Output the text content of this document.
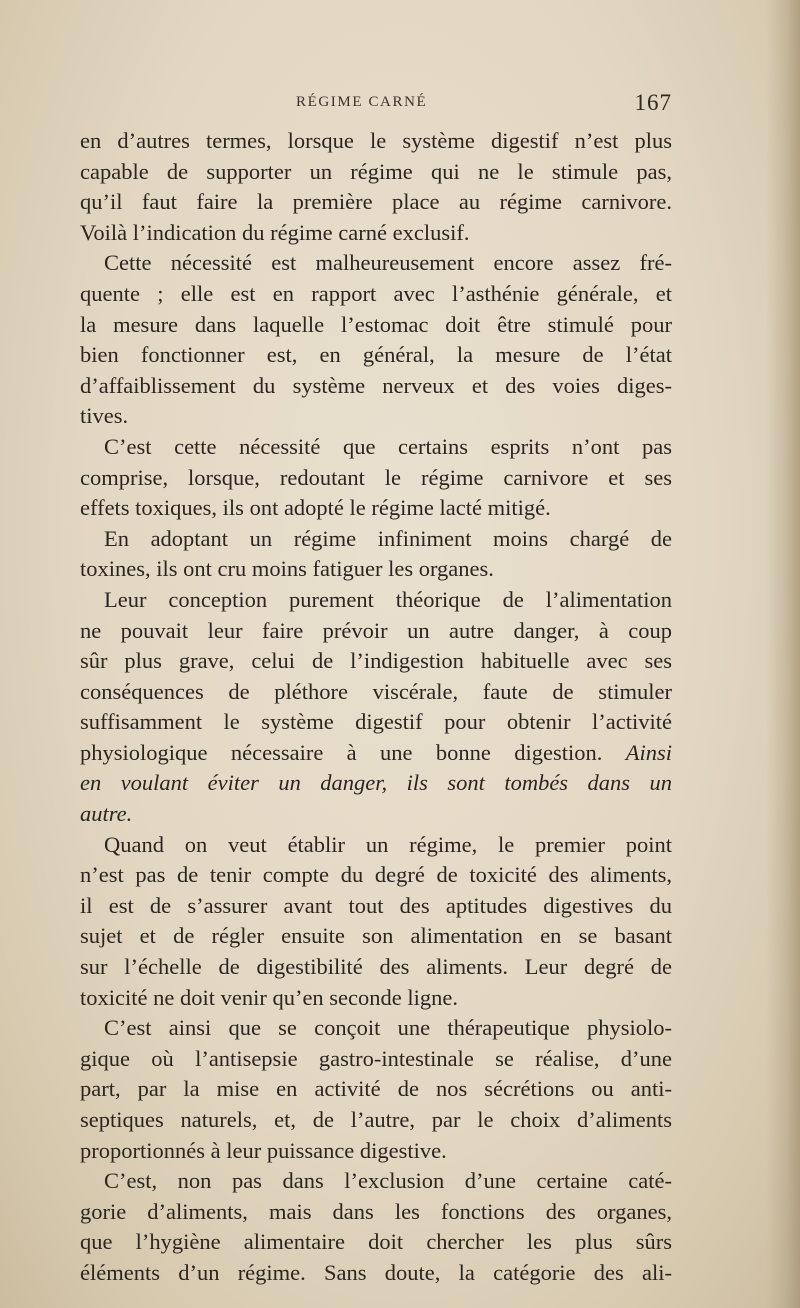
RÉGIME CARNÉ	167
en d’autres termes, lorsque le système digestif n’est plus
capable de supporter un régime qui ne le stimule pas,
qu’il faut faire la première place au régime carnivore.
Voilà l’indication du régime carné exclusif.
Cette nécessité est malheureusement encore assez fré-
quente ; elle est en rapport avec l’asthénie générale, et
la mesure dans laquelle l’estomac doit être stimulé pour
bien fonctionner est, en général, la mesure de l’état
d’affaiblissement du système nerveux et des voies diges-
tives.
C’est cette nécessité que certains esprits n’ont pas
comprise, lorsque, redoutant le régime carnivore et ses
effets toxiques, ils ont adopté le régime lacté mitigé.
En adoptant un régime infiniment moins chargé de
toxines, ils ont cru moins fatiguer les organes.
Leur conception purement théorique de l’alimentation
ne pouvait leur faire prévoir un autre danger, à coup
sûr plus grave, celui de l’indigestion habituelle avec ses
conséquences de pléthore viscérale, faute de stimuler
suffisamment le système digestif pour obtenir l’activité
physiologique nécessaire à une bonne digestion. Ainsi
en voulant éviter un danger, ils sont tombés dans un
autre.
Quand on veut établir un régime, le premier point
n’est pas de tenir compte du degré de toxicité des aliments,
il est de s’assurer avant tout des aptitudes digestives du
sujet et de régler ensuite son alimentation en se basant
sur l’échelle de digestibilité des aliments. Leur degré de
toxicité ne doit venir qu’en seconde ligne.
C’est ainsi que se conçoit une thérapeutique physiolo-
gique où l’antisepsie gastro-intestinale se réalise, d’une
part, par la mise en activité de nos sécrétions ou anti-
septiques naturels, et, de l’autre, par le choix d’aliments
proportionnés à leur puissance digestive.
C’est, non pas dans l’exclusion d’une certaine caté-
gorie d’aliments, mais dans les fonctions des organes,
que l’hygiène alimentaire doit chercher les plus sûrs
éléments d’un régime. Sans doute, la catégorie des ali-
